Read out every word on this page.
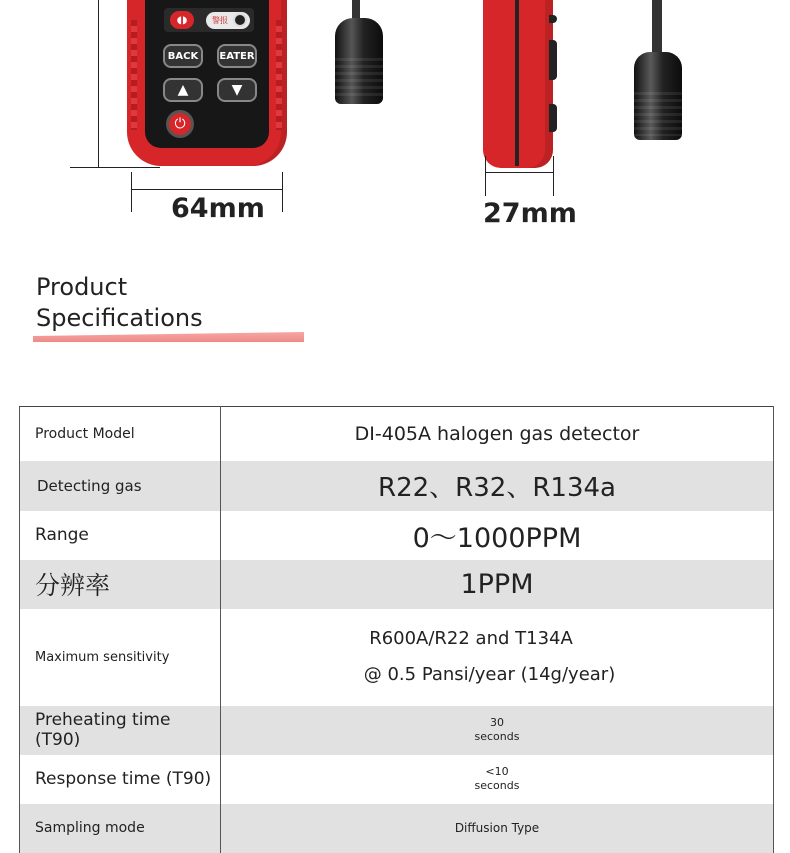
◖◗	警报
BACK	EATER
▲	▼
⏻
64mm	27mm
Product
Specifications
Product Model	DI-405A halogen gas detector
Detecting gas	R22、R32、R134a
Range	0～1000PPM
分辨率	1PPM
Maximum sensitivity	R600A/R22 and T134A
@ 0.5 Pansi/year (14g/year)

Preheating time (T90)	30
seconds

Response time (T90)	<10
seconds

Sampling mode	Diffusion Type
